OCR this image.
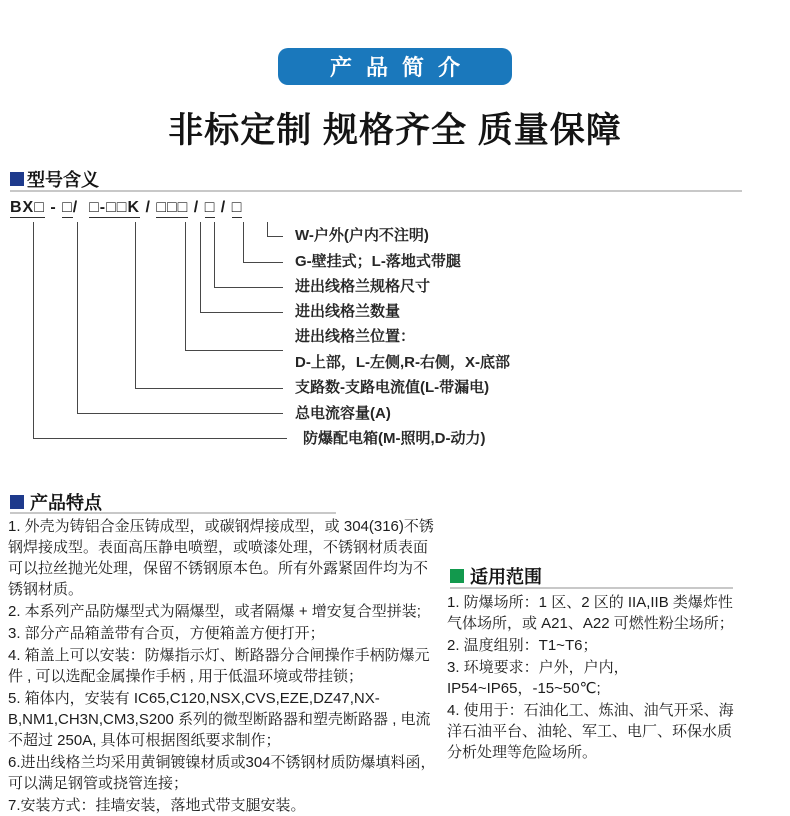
产品简介
非标定制 规格齐全 质量保障
型号含义
BX□ - □/  □-□□K / □□□ / □ / □
W-户外(户内不注明)
G-壁挂式；L-落地式带腿
进出线格兰规格尺寸
进出线格兰数量
进出线格兰位置：
D-上部，L-左侧,R-右侧，X-底部
支路数-支路电流值(L-带漏电)
总电流容量(A)
防爆配电箱(M-照明,D-动力)
产品特点

1. 外壳为铸铝合金压铸成型，或碳钢焊接成型，或 304(316)不锈钢焊接成型。表面高压静电喷塑，或喷漆处理，不锈钢材质表面可以拉丝抛光处理，保留不锈钢原本色。所有外露紧固件均为不锈钢材质。

2. 本系列产品防爆型式为隔爆型，或者隔爆 + 增安复合型拼装;

3. 部分产品箱盖带有合页，方便箱盖方便打开；

4. 箱盖上可以安装：防爆指示灯、断路器分合闸操作手柄防爆元件 , 可以选配金属操作手柄 , 用于低温环境或带挂锁；

5. 箱体内，安装有 IC65,C120,NSX,CVS,EZE,DZ47,NX-B,NM1,CH3N,CM3,S200 系列的微型断路器和塑壳断路器 , 电流不超过 250A, 具体可根据图纸要求制作；

6.进出线格兰均采用黄铜镀镍材质或304不锈钢材质防爆填料函，可以满足钢管或挠管连接；

7.安装方式：挂墙安装，落地式带支腿安装。

适用范围

1. 防爆场所：1 区、2 区的 IIA,IIB 类爆炸性气体场所，或 A21、A22 可燃性粉尘场所；

2. 温度组别：T1~T6；

3. 环境要求：户外，户内，IP54~IP65，-15~50℃;

4. 使用于：石油化工、炼油、油气开采、海洋石油平台、油轮、军工、电厂、环保水质分析处理等危险场所。
